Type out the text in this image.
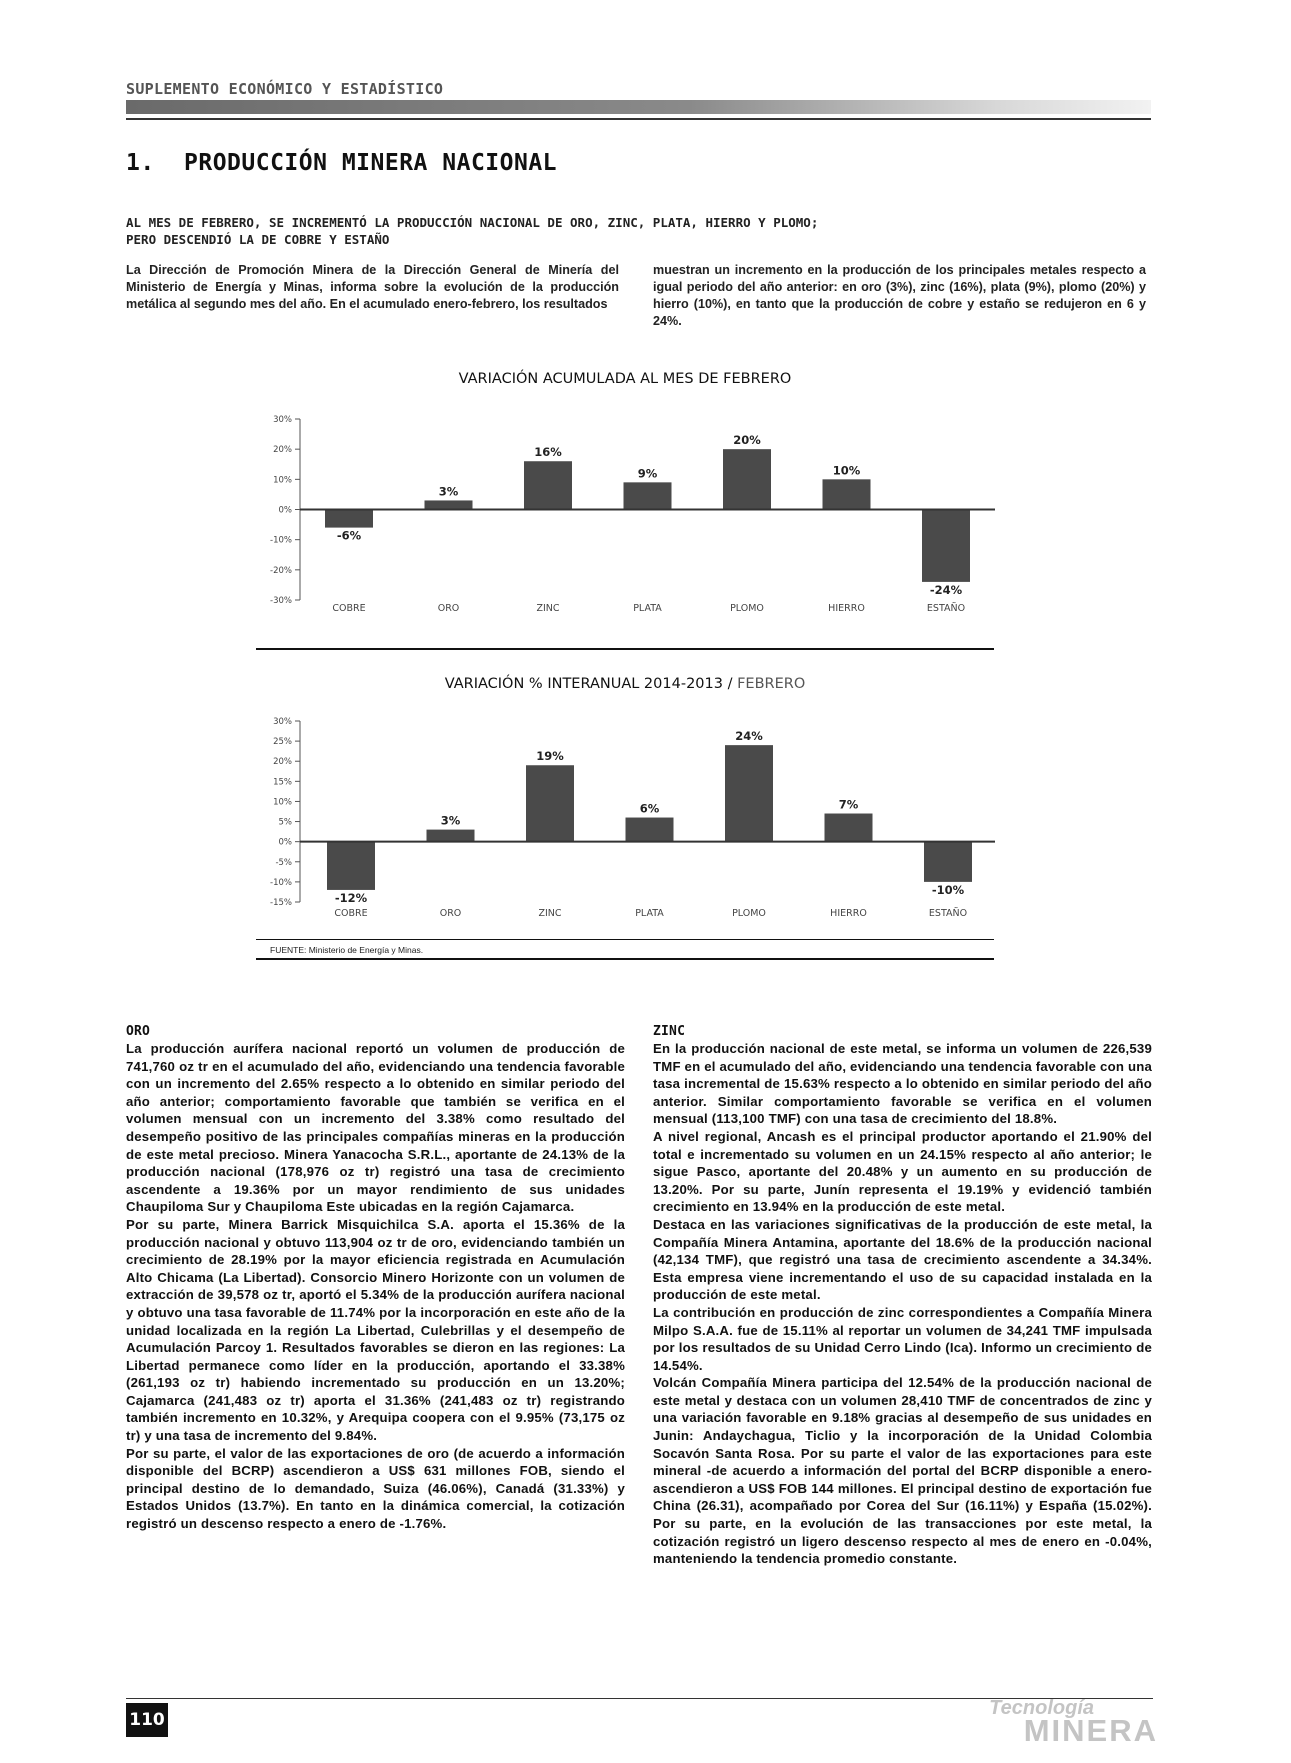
SUPLEMENTO ECONÓMICO Y ESTADÍSTICO
1. PRODUCCIÓN MINERA NACIONAL
AL MES DE FEBRERO, SE INCREMENTÓ LA PRODUCCIÓN NACIONAL DE ORO, ZINC, PLATA, HIERRO Y PLOMO;
PERO DESCENDIÓ LA DE COBRE Y ESTAÑO
La Dirección de Promoción Minera de la Dirección General de Minería del Ministerio de Energía y Minas, informa sobre la evolución de la producción metálica al segundo mes del año. En el acumulado enero-febrero, los resultados
muestran un incremento en la producción de los principales metales respecto a igual periodo del año anterior: en oro (3%), zinc (16%), plata (9%), plomo (20%) y hierro (10%), en tanto que la producción de cobre y estaño se redujeron en 6 y 24%.
VARIACIÓN ACUMULADA AL MES DE FEBRERO
30%
20%
10%
0%
-10%
-20%
-30%
-6%
COBRE
3%
ORO
16%
ZINC
9%
PLATA
20%
PLOMO
10%
HIERRO
-24%
ESTAÑO
VARIACIÓN % INTERANUAL 2014-2013 / FEBRERO
30%
25%
20%
15%
10%
5%
0%
-5%
-10%
-15%	-12%
COBRE
3%
ORO
19%
ZINC
6%
PLATA
24%
PLOMO
7%
HIERRO
-10%
ESTAÑO
FUENTE: Ministerio de Energía y Minas.
ORO

La producción aurífera nacional reportó un volumen de producción de 741,760 oz tr en el acumulado del año, evidenciando una tendencia favorable con un incremento del 2.65% respecto a lo obtenido en similar periodo del año anterior; comportamiento favorable que también se verifica en el volumen mensual con un incremento del 3.38% como resultado del desempeño positivo de las principales compañías mineras en la producción de este metal precioso. Minera Yanacocha S.R.L., aportante de 24.13% de la producción nacional (178,976 oz tr) registró una tasa de crecimiento ascendente a 19.36% por un mayor rendimiento de sus unidades Chaupiloma Sur y Chaupiloma Este ubicadas en la región Cajamarca.

Por su parte, Minera Barrick Misquichilca S.A. aporta el 15.36% de la producción nacional y obtuvo 113,904 oz tr de oro, evidenciando también un crecimiento de 28.19% por la mayor eficiencia registrada en Acumulación Alto Chicama (La Libertad). Consorcio Minero Horizonte con un volumen de extracción de 39,578 oz tr, aportó el 5.34% de la producción aurífera nacional y obtuvo una tasa favorable de 11.74% por la incorporación en este año de la unidad localizada en la región La Libertad, Culebrillas y el desempeño de Acumulación Parcoy 1. Resultados favorables se dieron en las regiones: La Libertad permanece como líder en la producción, aportando el 33.38% (261,193 oz tr) habiendo incrementado su producción en un 13.20%; Cajamarca (241,483 oz tr) aporta el 31.36% (241,483 oz tr) registrando también incremento en 10.32%, y Arequipa coopera con el 9.95% (73,175 oz tr) y una tasa de incremento del 9.84%.

Por su parte, el valor de las exportaciones de oro (de acuerdo a información disponible del BCRP) ascendieron a US$ 631 millones FOB, siendo el principal destino de lo demandado, Suiza (46.06%), Canadá (31.33%) y Estados Unidos (13.7%). En tanto en la dinámica comercial, la cotización registró un descenso respecto a enero de -1.76%.

ZINC

En la producción nacional de este metal, se informa un volumen de 226,539 TMF en el acumulado del año, evidenciando una tendencia favorable con una tasa incremental de 15.63% respecto a lo obtenido en similar periodo del año anterior. Similar comportamiento favorable se verifica en el volumen mensual (113,100 TMF) con una tasa de crecimiento del 18.8%.

A nivel regional, Ancash es el principal productor aportando el 21.90% del total e incrementado su volumen en un 24.15% respecto al año anterior; le sigue Pasco, aportante del 20.48% y un aumento en su producción de 13.20%. Por su parte, Junín representa el 19.19% y evidenció también crecimiento en 13.94% en la producción de este metal.

Destaca en las variaciones significativas de la producción de este metal, la Compañía Minera Antamina, aportante del 18.6% de la producción nacional (42,134 TMF), que registró una tasa de crecimiento ascendente a 34.34%. Esta empresa viene incrementando el uso de su capacidad instalada en la producción de este metal.

La contribución en producción de zinc correspondientes a Compañía Minera Milpo S.A.A. fue de 15.11% al reportar un volumen de 34,241 TMF impulsada por los resultados de su Unidad Cerro Lindo (Ica). Informo un crecimiento de 14.54%.

Volcán Compañía Minera participa del 12.54% de la producción nacional de este metal y destaca con un volumen 28,410 TMF de concentrados de zinc y una variación favorable en 9.18% gracias al desempeño de sus unidades en Junin: Andaychagua, Ticlio y la incorporación de la Unidad Colombia Socavón Santa Rosa. Por su parte el valor de las exportaciones para este mineral -de acuerdo a información del portal del BCRP disponible a enero- ascendieron a US$ FOB 144 millones. El principal destino de exportación fue China (26.31), acompañado por Corea del Sur (16.11%) y España (15.02%). Por su parte, en la evolución de las transacciones por este metal, la cotización registró un ligero descenso respecto al mes de enero en -0.04%, manteniendo la tendencia promedio constante.

110
Tecnología
MINERA
